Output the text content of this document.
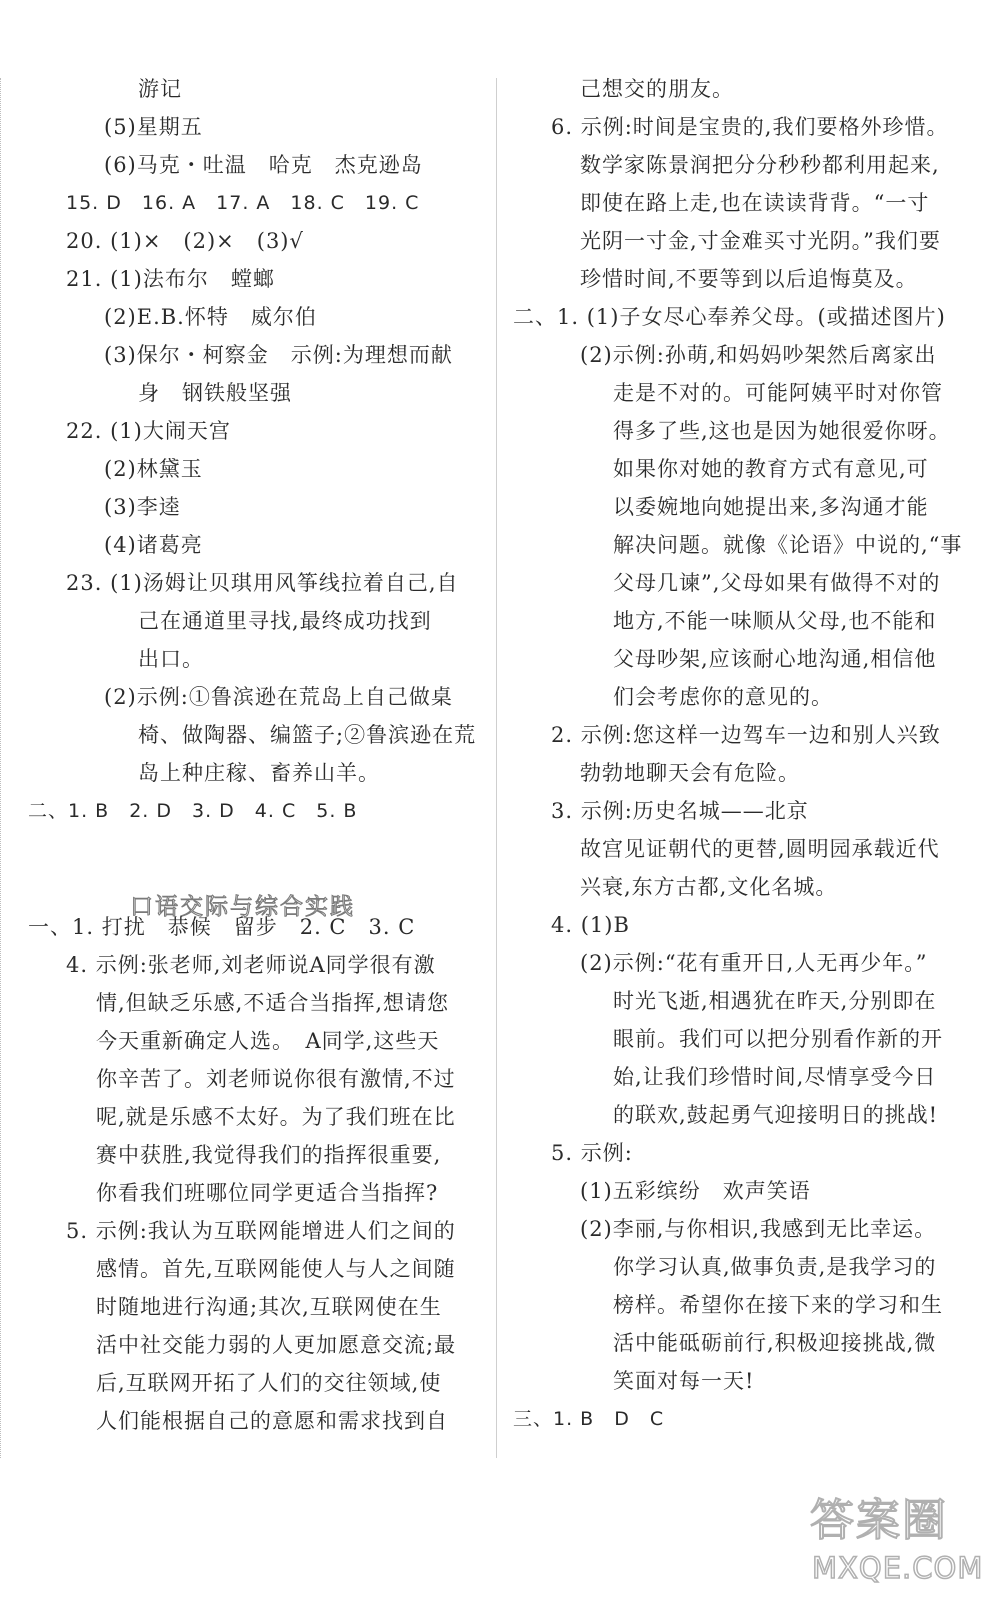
游记
(5)星期五
(6)马克・吐温　哈克　杰克逊岛
15. D　16. A　17. A　18. C　19. C
20. (1)×　(2)×　(3)√
21. (1)法布尔　螳螂
(2)E.B.怀特　威尔伯
(3)保尔・柯察金　示例:为理想而献
身　钢铁般坚强
22. (1)大闹天宫
(2)林黛玉
(3)李逵
(4)诸葛亮
23. (1)汤姆让贝琪用风筝线拉着自己,自
己在通道里寻找,最终成功找到
出口。
(2)示例:①鲁滨逊在荒岛上自己做桌
椅、做陶器、编篮子;②鲁滨逊在荒
岛上种庄稼、畜养山羊。
二、1. B　2. D　3. D　4. C　5. B
口语交际与综合实践
一、1. 打扰　恭候　留步　2. C　3. C
4. 示例:张老师,刘老师说A同学很有激
情,但缺乏乐感,不适合当指挥,想请您
今天重新确定人选。　A同学,这些天
你辛苦了。刘老师说你很有激情,不过
呢,就是乐感不太好。为了我们班在比
赛中获胜,我觉得我们的指挥很重要,
你看我们班哪位同学更适合当指挥?
5. 示例:我认为互联网能增进人们之间的
感情。首先,互联网能使人与人之间随
时随地进行沟通;其次,互联网使在生
活中社交能力弱的人更加愿意交流;最
后,互联网开拓了人们的交往领域,使
人们能根据自己的意愿和需求找到自
己想交的朋友。
6. 示例:时间是宝贵的,我们要格外珍惜。
数学家陈景润把分分秒秒都利用起来,
即使在路上走,也在读读背背。“一寸
光阴一寸金,寸金难买寸光阴。”我们要
珍惜时间,不要等到以后追悔莫及。
二、1. (1)子女尽心奉养父母。(或描述图片)
(2)示例:孙萌,和妈妈吵架然后离家出
走是不对的。可能阿姨平时对你管
得多了些,这也是因为她很爱你呀。
如果你对她的教育方式有意见,可
以委婉地向她提出来,多沟通才能
解决问题。就像《论语》中说的,“事
父母几谏”,父母如果有做得不对的
地方,不能一味顺从父母,也不能和
父母吵架,应该耐心地沟通,相信他
们会考虑你的意见的。
2. 示例:您这样一边驾车一边和别人兴致
勃勃地聊天会有危险。
3. 示例:历史名城——北京
故宫见证朝代的更替,圆明园承载近代
兴衰,东方古都,文化名城。
4. (1)B
(2)示例:“花有重开日,人无再少年。”
时光飞逝,相遇犹在昨天,分别即在
眼前。我们可以把分别看作新的开
始,让我们珍惜时间,尽情享受今日
的联欢,鼓起勇气迎接明日的挑战!
5. 示例:
(1)五彩缤纷　欢声笑语
(2)李丽,与你相识,我感到无比幸运。
你学习认真,做事负责,是我学习的
榜样。希望你在接下来的学习和生
活中能砥砺前行,积极迎接挑战,微
笑面对每一天!
三、1. B　D　C
答案圈
MXQE.COM
